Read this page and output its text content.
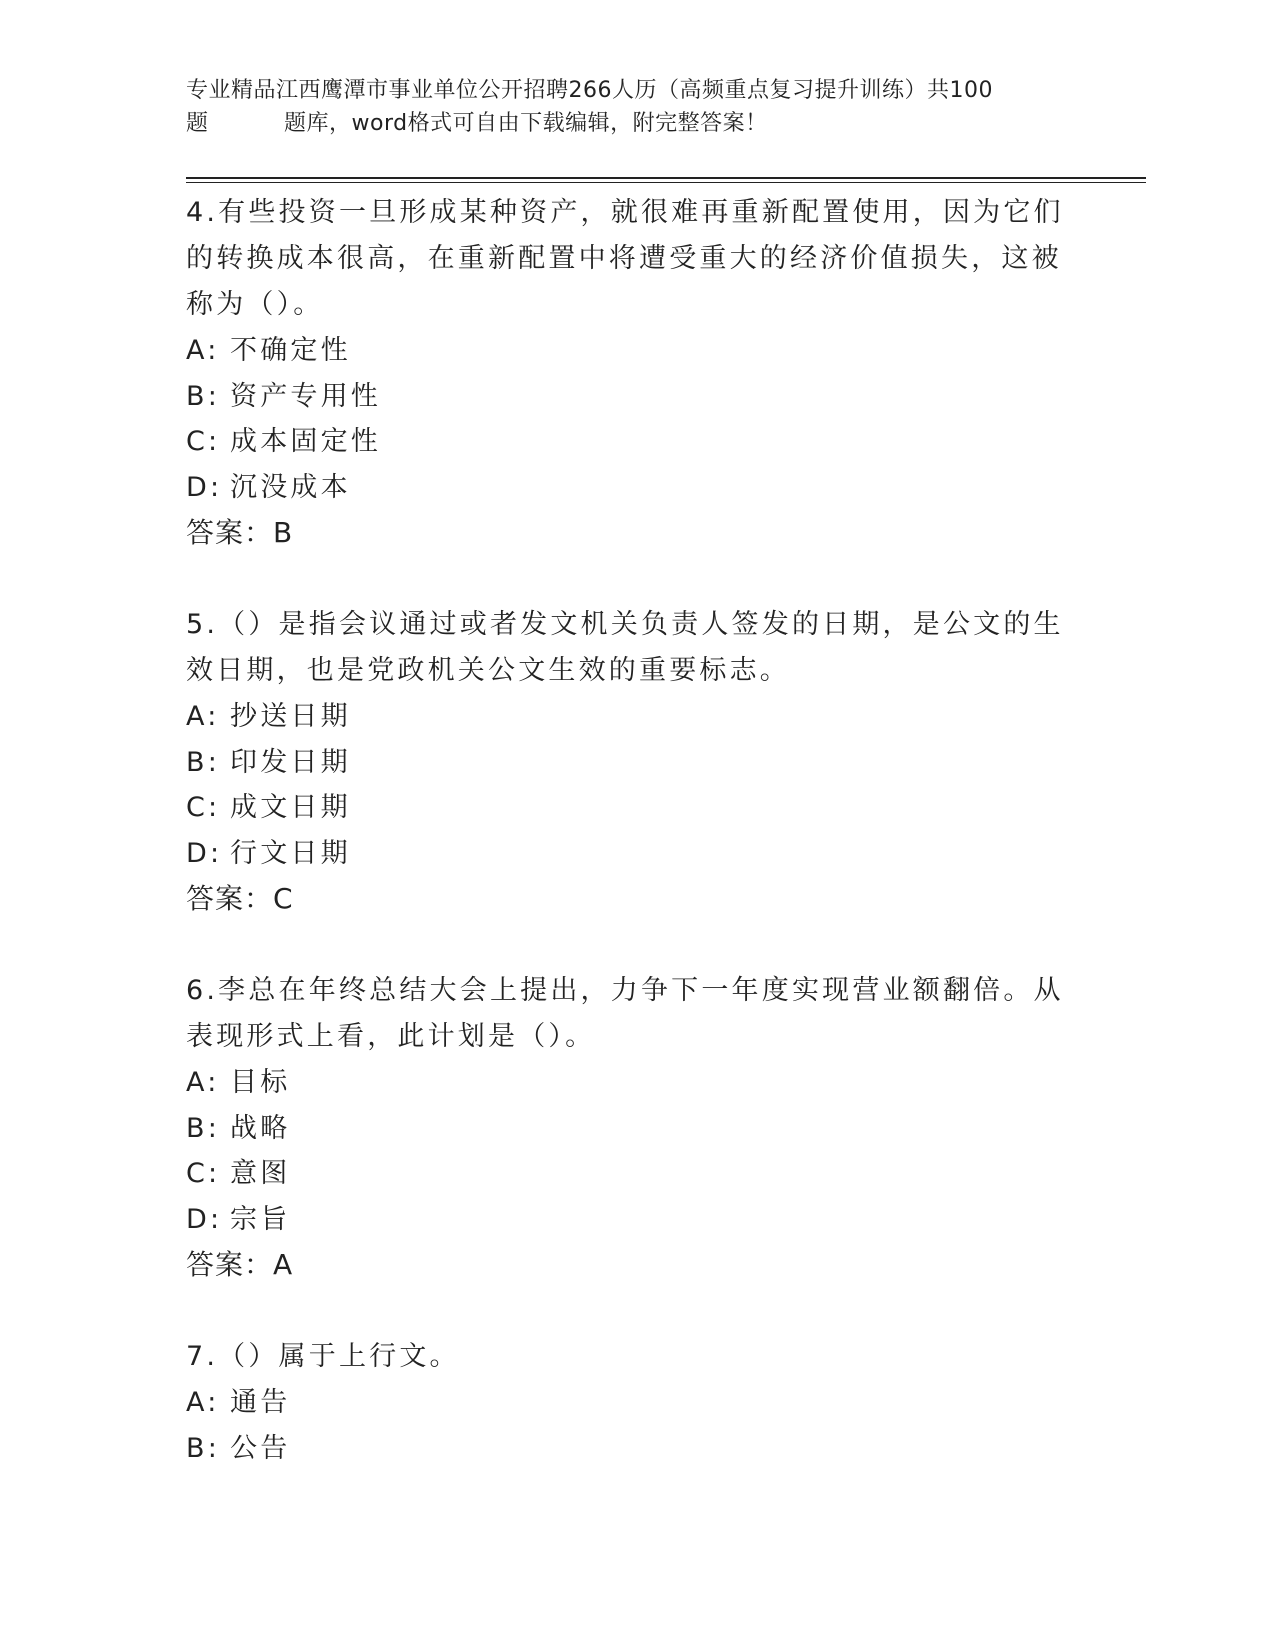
专业精品江西鹰潭市事业单位公开招聘266人历（高频重点复习提升训练）共100
题	题库，word格式可自由下载编辑，附完整答案！

4.有些投资一旦形成某种资产，就很难再重新配置使用，因为它们的转换成本很高，在重新配置中将遭受重大的经济价值损失，这被称为（）。

A: 不确定性
B: 资产专用性
C: 成本固定性
D: 沉没成本
答案：B

5.（）是指会议通过或者发文机关负责人签发的日期，是公文的生效日期，也是党政机关公文生效的重要标志。

A: 抄送日期
B: 印发日期
C: 成文日期
D: 行文日期
答案：C

6.李总在年终总结大会上提出，力争下一年度实现营业额翻倍。从表现形式上看，此计划是（）。

A: 目标
B: 战略
C: 意图
D: 宗旨
答案：A

7.（）属于上行文。

A: 通告
B: 公告
